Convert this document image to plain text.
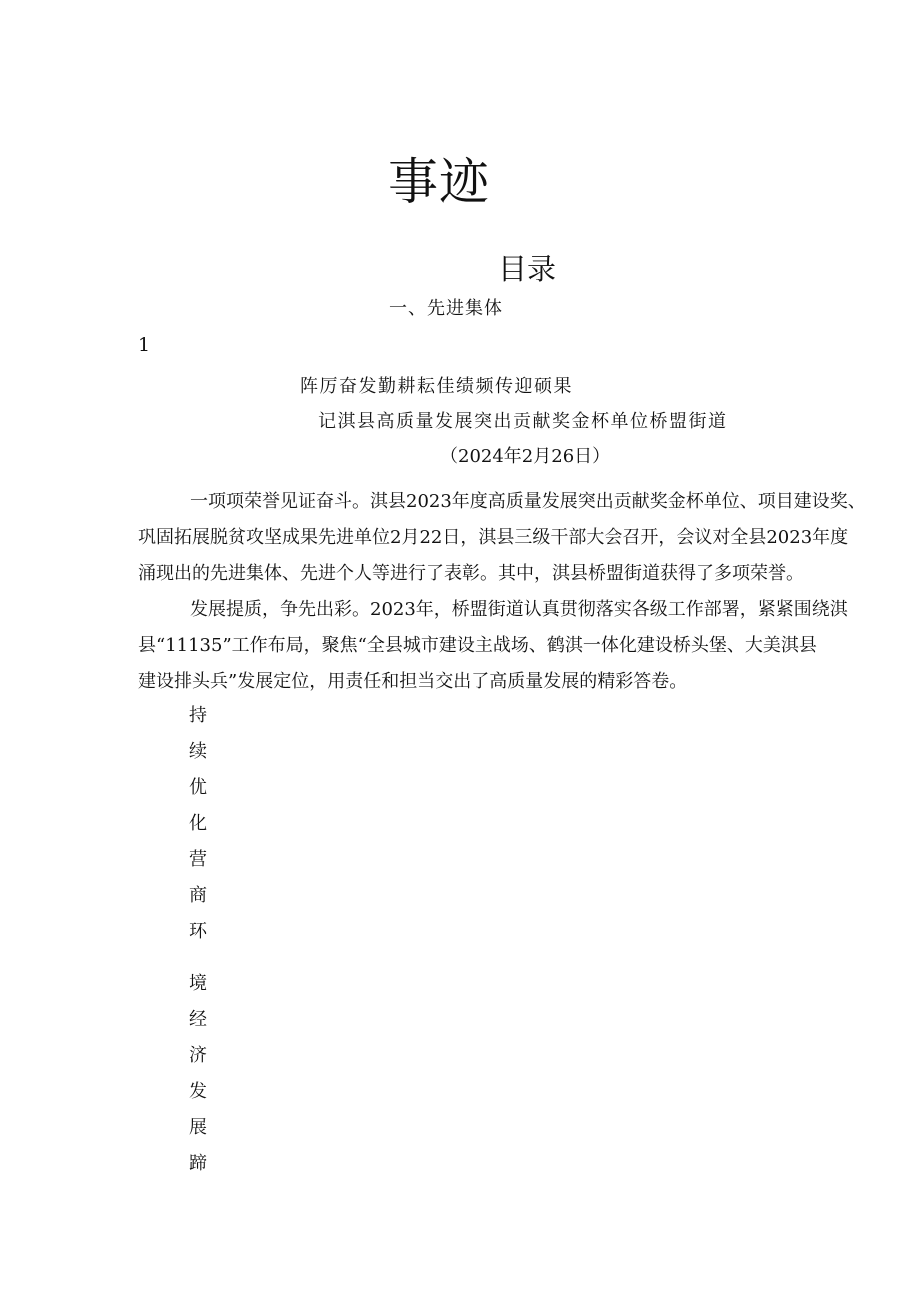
事迹
目录
一、先进集体
1
阵厉奋发勤耕耘佳绩频传迎硕果
记淇县高质量发展突出贡献奖金杯单位桥盟街道
（2024年2月26日）
一项项荣誉见证奋斗。淇县2023年度高质量发展突出贡献奖金杯单位、项目建设奖、
巩固拓展脱贫攻坚成果先进单位2月22日，淇县三级干部大会召开，会议对全县2023年度
涌现出的先进集体、先进个人等进行了表彰。其中，淇县桥盟街道获得了多项荣誉。
发展提质，争先出彩。2023年，桥盟街道认真贯彻落实各级工作部署，紧紧围绕淇
县“11135”工作布局，聚焦“全县城市建设主战场、鹤淇一体化建设桥头堡、大美淇县
建设排头兵”发展定位，用责任和担当交出了高质量发展的精彩答卷。
持
续
优
化
营
商
环
境
经
济
发
展
蹄
